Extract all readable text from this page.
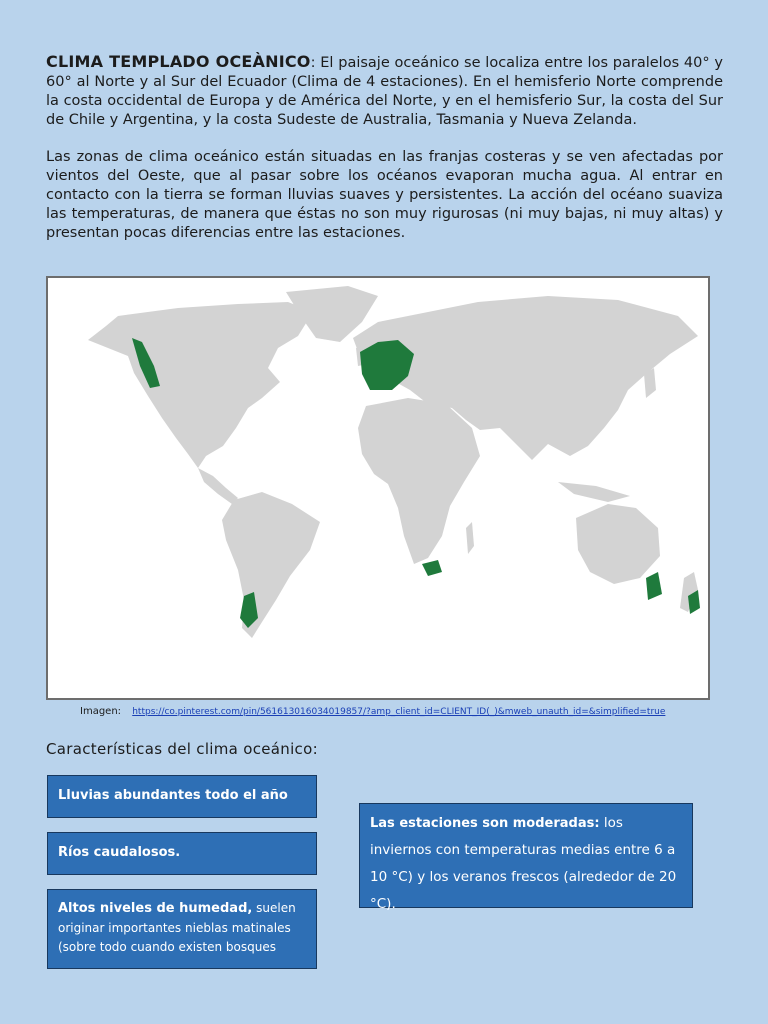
CLIMA TEMPLADO OCEÀNICO: El paisaje oceánico se localiza entre los paralelos 40° y 60° al Norte y al Sur del Ecuador (Clima de 4 estaciones). En el hemisferio Norte comprende la costa occidental de Europa y de América del Norte, y en el hemisferio Sur, la costa del Sur de Chile y Argentina, y la costa Sudeste de Australia, Tasmania y Nueva Zelanda.

Las zonas de clima oceánico están situadas en las franjas costeras y se ven afectadas por vientos del Oeste, que al pasar sobre los océanos evaporan mucha agua. Al entrar en contacto con la tierra se forman lluvias suaves y persistentes. La acción del océano suaviza las temperaturas, de manera que éstas no son muy rigurosas (ni muy bajas, ni muy altas) y presentan pocas diferencias entre las estaciones.

Imagen: https://co.pinterest.com/pin/561613016034019857/?amp_client_id=CLIENT_ID(_)&mweb_unauth_id=&simplified=true
Características del clima oceánico:
Lluvias abundantes todo el año
Ríos caudalosos.
Altos niveles de humedad, suelen originar importantes nieblas matinales (sobre todo cuando existen bosques
Las estaciones son moderadas: los inviernos con temperaturas medias entre 6 a 10 °C) y los veranos frescos (alrededor de 20 °C).
